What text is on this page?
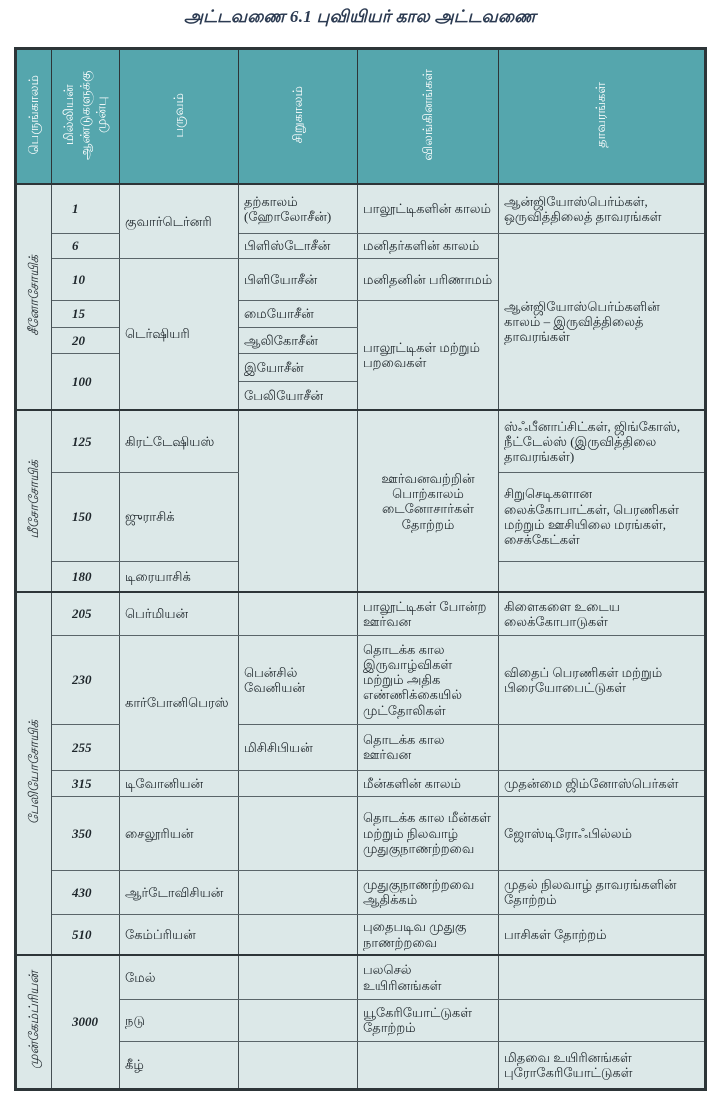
அட்டவணை 6.1 புவியியர் கால அட்டவணை
பெருங்காலம்	மில்லியன் ஆண்டுகளுக்கு முன்பு	பருவம்	சிறுகாலம்	விலங்கினங்கள்	தாவரங்கள்
சீனோசோயிக்	1	குவார்டெர்னரி	தற்காலம் (ஹோலோசீன்)	பாலூட்டிகளின் காலம்	ஆன்ஜியோஸ்பெர்ம்கள், ஒருவித்திலைத் தாவரங்கள்
	6		பிளிஸ்டோசீன்	மனிதர்களின் காலம்	ஆன்ஜியோஸ்பெர்ம்களின் காலம் – இருவித்திலைத் தாவரங்கள்
	10	டெர்ஷியரி	பிளியோசீன்	மனிதனின் பரிணாமம்	
	15		மையோசீன்	பாலூட்டிகள் மற்றும் பறவைகள்	
	20		ஆலிகோசீன்		
	100		இயோசீன்		
			பேலியோசீன்		
மீசோசோயிக்	125	கிரட்டேஷியஸ்		ஊர்வனவற்றின் பொற்காலம் டைனோசார்கள் தோற்றம்	ஸ்ஃபீனாப்சிட்கள், ஜிங்கோஸ், நீட்டேல்ஸ் (இருவித்திலை தாவரங்கள்)
	150	ஜுராசிக்			சிறுசெடிகளான லைக்கோபாட்கள், பெரணிகள் மற்றும் ஊசியிலை மரங்கள், சைக்கேட்கள்
	180	டிரையாசிக்			
பேலியோசோயிக்	205	பெர்மியன்		பாலூட்டிகள் போன்ற ஊர்வன	கிளைகளை உடைய லைக்கோபாடுகள்
	230	கார்போனிபெரஸ்	பென்சில் வேனியன்	தொடக்க கால இருவாழ்விகள் மற்றும் அதிக எண்ணிக்கையில் முட்தோலிகள்	விதைப் பெரணிகள் மற்றும் பிரையோபைட்டுகள்
	255		மிசிசிபியன்	தொடக்க கால ஊர்வன	
	315	டிவோனியன்		மீன்களின் காலம்	முதன்மை ஜிம்னோஸ்பெர்கள்
	350	சைலூரியன்		தொடக்க கால மீன்கள் மற்றும் நிலவாழ் முதுகுநாணற்றவை	ஜோஸ்டிரோஃபில்லம்
	430	ஆர்டோவிசியன்		முதுகுநாணற்றவை ஆதிக்கம்	முதல் நிலவாழ் தாவரங்களின் தோற்றம்
	510	கேம்ப்ரியன்		புதைபடிவ முதுகு நாணற்றவை	பாசிகள் தோற்றம்
முன்கேம்ப்ரியன்	3000	மேல்		பலசெல் உயிரினங்கள்	
		நடு		யூகேரியோட்டுகள் தோற்றம்	
		கீழ்			மிதவை உயிரினங்கள் புரோகேரியோட்டுகள்
